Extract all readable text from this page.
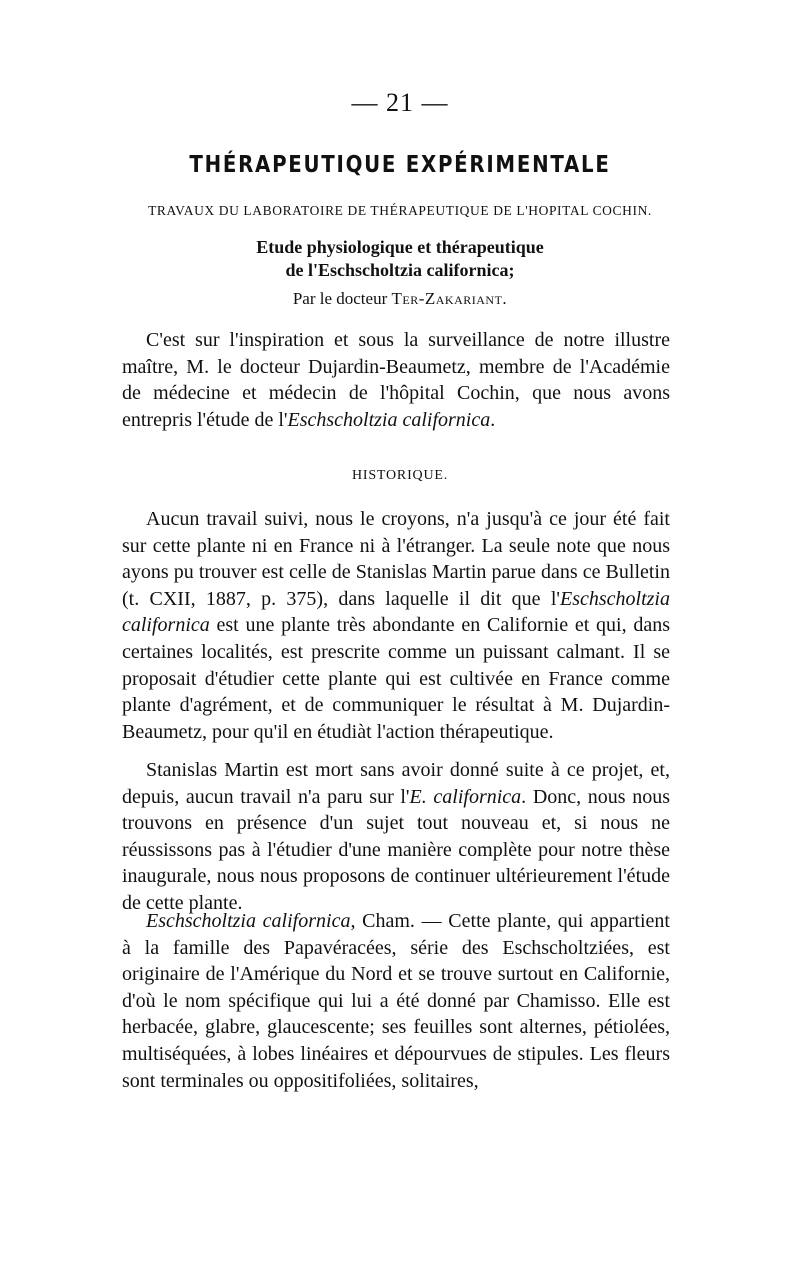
— 21 —
THÉRAPEUTIQUE EXPÉRIMENTALE
TRAVAUX DU LABORATOIRE DE THÉRAPEUTIQUE DE L'HOPITAL COCHIN.
Etude physiologique et thérapeutique
de l'Eschscholtzia californica;
Par le docteur Ter-Zakariant.

C'est sur l'inspiration et sous la surveillance de notre illustre maître, M. le docteur Dujardin-Beaumetz, membre de l'Académie de médecine et médecin de l'hôpital Cochin, que nous avons entrepris l'étude de l'Eschscholtzia californica.

HISTORIQUE.

Aucun travail suivi, nous le croyons, n'a jusqu'à ce jour été fait sur cette plante ni en France ni à l'étranger. La seule note que nous ayons pu trouver est celle de Stanislas Martin parue dans ce Bulletin (t. CXII, 1887, p. 375), dans laquelle il dit que l'Eschscholtzia californica est une plante très abondante en Californie et qui, dans certaines localités, est prescrite comme un puissant calmant. Il se proposait d'étudier cette plante qui est cultivée en France comme plante d'agrément, et de communiquer le résultat à M. Dujardin-Beaumetz, pour qu'il en étudiàt l'action thérapeutique.

Stanislas Martin est mort sans avoir donné suite à ce projet, et, depuis, aucun travail n'a paru sur l'E. californica. Donc, nous nous trouvons en présence d'un sujet tout nouveau et, si nous ne réussissons pas à l'étudier d'une manière complète pour notre thèse inaugurale, nous nous proposons de continuer ultérieurement l'étude de cette plante.

Eschscholtzia californica, Cham. — Cette plante, qui appartient à la famille des Papavéracées, série des Eschscholtziées, est originaire de l'Amérique du Nord et se trouve surtout en Californie, d'où le nom spécifique qui lui a été donné par Chamisso. Elle est herbacée, glabre, glaucescente; ses feuilles sont alternes, pétiolées, multiséquées, à lobes linéaires et dépourvues de stipules. Les fleurs sont terminales ou oppositifoliées, solitaires,
